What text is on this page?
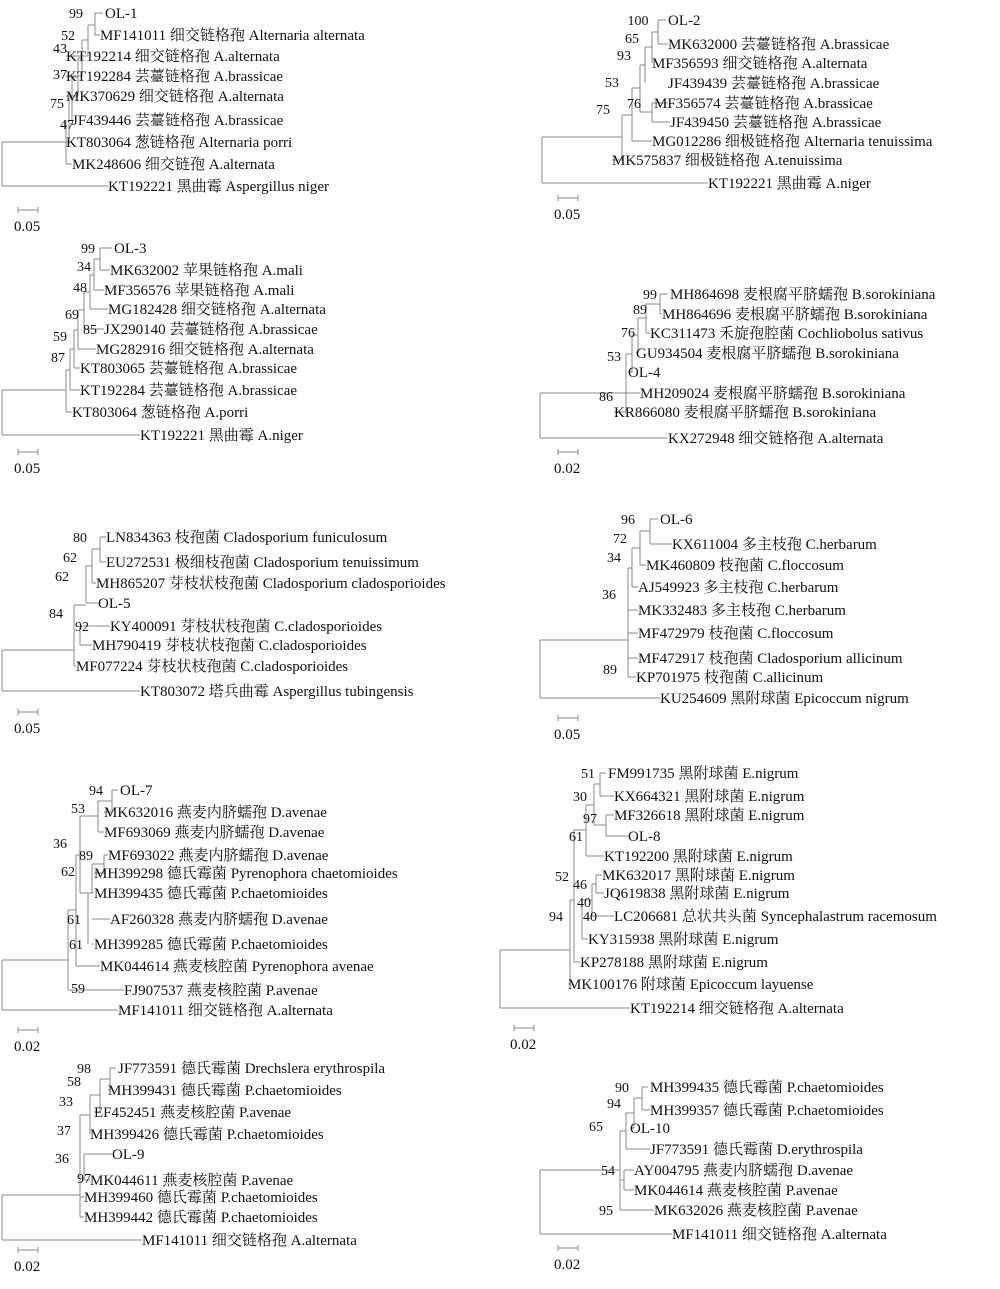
OL-1
MF141011 细交链格孢 Alternaria alternata
KT192214 细交链格孢 A.alternata
KT192284 芸薹链格孢 A.brassicae
MK370629 细交链格孢 A.alternata
JF439446 芸薹链格孢 A.brassicae
KT803064 葱链格孢 Alternaria porri
MK248606 细交链孢 A.alternata
KT192221 黑曲霉 Aspergillus niger
99
52
43
37
75
47
0.05
OL-2
MK632000 芸薹链格孢 A.brassicae
MF356593 细交链格孢 A.alternata
JF439439 芸薹链格孢 A.brassicae
MF356574 芸薹链格孢 A.brassicae
JF439450 芸薹链格孢 A.brassicae
MG012286 细极链格孢 Alternaria tenuissima
MK575837 细极链格孢 A.tenuissima
KT192221 黑曲霉 A.niger
100
65
93
53
76
75
0.05
OL-3
MK632002 苹果链格孢 A.mali
MF356576 苹果链格孢 A.mali
MG182428 细交链格孢 A.alternata
JX290140 芸薹链格孢 A.brassicae
MG282916 细交链格孢 A.alternata
KT803065 芸薹链格孢 A.brassicae
KT192284 芸薹链格孢 A.brassicae
KT803064 葱链格孢 A.porri
KT192221 黑曲霉 A.niger
99
34
48
69
85
59
87
0.05
MH864698 麦根腐平脐蠕孢 B.sorokiniana
MH864696 麦根腐平脐蠕孢 B.sorokiniana
KC311473 禾旋孢腔菌 Cochliobolus sativus
GU934504 麦根腐平脐蠕孢 B.sorokiniana
OL-4
MH209024 麦根腐平脐蠕孢 B.sorokiniana
KR866080 麦根腐平脐蠕孢 B.sorokiniana
KX272948 细交链格孢 A.alternata
99
89
76
53
86
0.02
LN834363 枝孢菌 Cladosporium funiculosum
EU272531 极细枝孢菌 Cladosporium tenuissimum
MH865207 芽枝状枝孢菌 Cladosporium cladosporioides
OL-5
KY400091 芽枝状枝孢菌 C.cladosporioides
MH790419 芽枝状枝孢菌 C.cladosporioides
MF077224 芽枝状枝孢菌 C.cladosporioides
KT803072 塔兵曲霉 Aspergillus tubingensis
80
62
62
84
92
0.05
OL-6
KX611004 多主枝孢 C.herbarum
MK460809 枝孢菌 C.floccosum
AJ549923 多主枝孢 C.herbarum
MK332483 多主枝孢 C.herbarum
MF472979 枝孢菌 C.floccosum
MF472917 枝孢菌 Cladosporium allicinum
KP701975 枝孢菌 C.allicinum
KU254609 黑附球菌 Epicoccum nigrum
96
72
34
36
89
0.05
OL-7
MK632016 燕麦内脐蠕孢 D.avenae
MF693069 燕麦内脐蠕孢 D.avenae
MF693022 燕麦内脐蠕孢 D.avenae
MH399298 德氏霉菌 Pyrenophora chaetomioides
MH399435 德氏霉菌 P.chaetomioides
AF260328 燕麦内脐蠕孢 D.avenae
MH399285 德氏霉菌 P.chaetomioides
MK044614 燕麦核腔菌 Pyrenophora avenae
FJ907537 燕麦核腔菌 P.avenae
MF141011 细交链格孢 A.alternata
94
53
36
89
62
61
61
59
0.02
FM991735 黑附球菌 E.nigrum
KX664321 黑附球菌 E.nigrum
MF326618 黑附球菌 E.nigrum
OL-8
KT192200 黑附球菌 E.nigrum
MK632017 黑附球菌 E.nigrum
JQ619838 黑附球菌 E.nigrum
LC206681 总状共头菌 Syncephalastrum racemosum
KY315938 黑附球菌 E.nigrum
KP278188 黑附球菌 E.nigrum
MK100176 附球菌 Epicoccum layuense
KT192214 细交链格孢 A.alternata
51
30
97
61
52
46
40
40
94
0.02
JF773591 德氏霉菌 Drechslera erythrospila
MH399431 德氏霉菌 P.chaetomioides
EF452451 燕麦核腔菌 P.avenae
MH399426 德氏霉菌 P.chaetomioides
OL-9
MK044611 燕麦核腔菌 P.avenae
MH399460 德氏霉菌 P.chaetomioides
MH399442 德氏霉菌 P.chaetomioides
MF141011 细交链格孢 A.alternata
98
58
33
37
36
97
0.02
MH399435 德氏霉菌 P.chaetomioides
MH399357 德氏霉菌 P.chaetomioides
OL-10
JF773591 德氏霉菌 D.erythrospila
AY004795 燕麦内脐蠕孢 D.avenae
MK044614 燕麦核腔菌 P.avenae
MK632026 燕麦核腔菌 P.avenae
MF141011 细交链格孢 A.alternata
90
94
65
54
95
0.02
